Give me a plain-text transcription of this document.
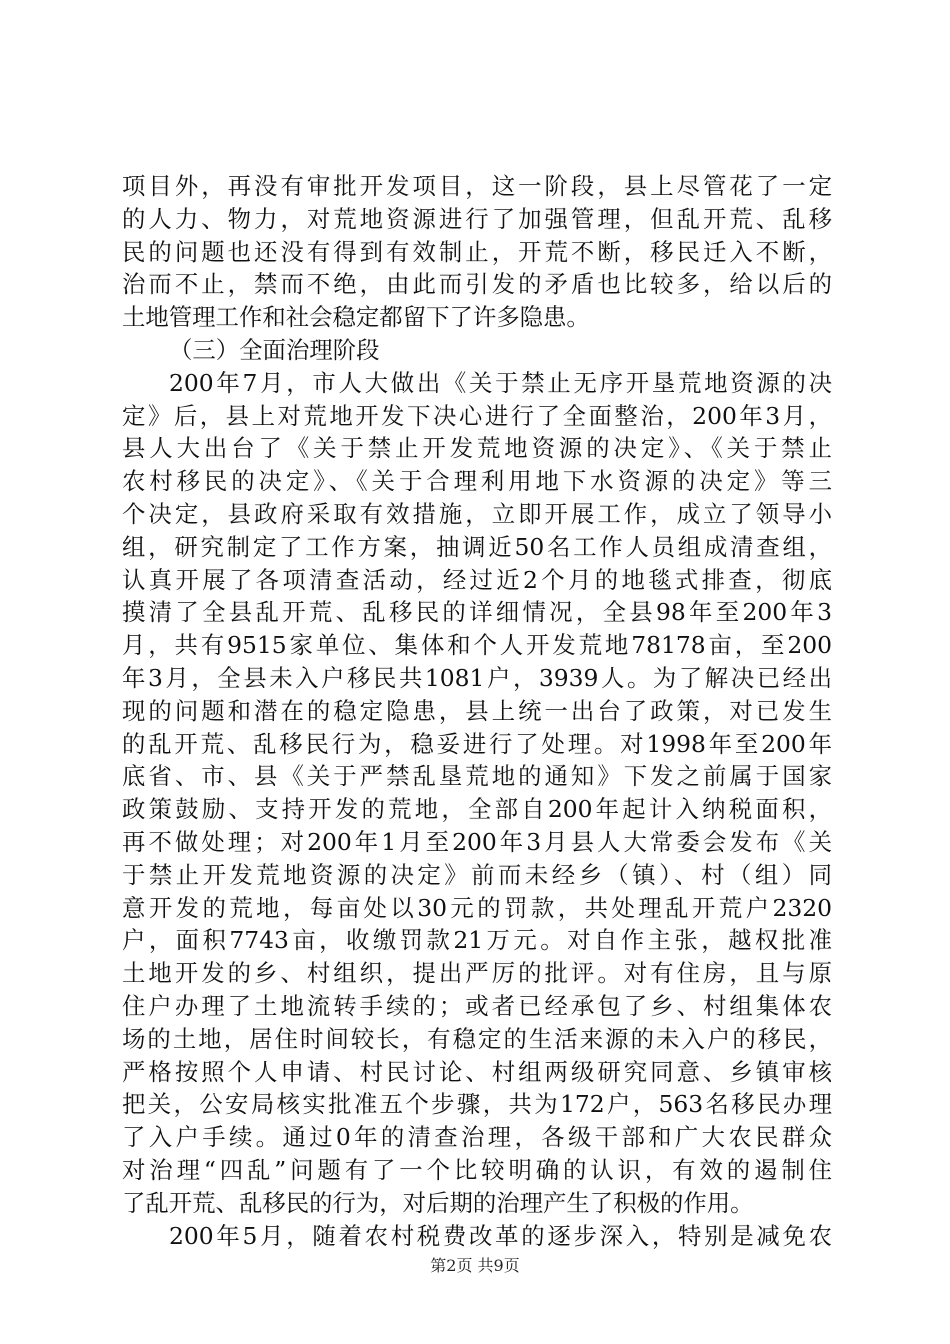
项目外，再没有审批开发项目，这一阶段，县上尽管花了一定
的人力、物力，对荒地资源进行了加强管理，但乱开荒、乱移
民的问题也还没有得到有效制止，开荒不断，移民迁入不断，
治而不止，禁而不绝，由此而引发的矛盾也比较多，给以后的
土地管理工作和社会稳定都留下了许多隐患。
（三）全面治理阶段
200年7月，市人大做出《关于禁止无序开垦荒地资源的决
定》后，县上对荒地开发下决心进行了全面整治，200年3月，
县人大出台了《关于禁止开发荒地资源的决定》、《关于禁止
农村移民的决定》、《关于合理利用地下水资源的决定》等三
个决定，县政府采取有效措施，立即开展工作，成立了领导小
组，研究制定了工作方案，抽调近50名工作人员组成清查组，
认真开展了各项清查活动，经过近2个月的地毯式排查，彻底
摸清了全县乱开荒、乱移民的详细情况，全县98年至200年3
月，共有9515家单位、集体和个人开发荒地78178亩，至200
年3月，全县未入户移民共1081户，3939人。为了解决已经出
现的问题和潜在的稳定隐患，县上统一出台了政策，对已发生
的乱开荒、乱移民行为，稳妥进行了处理。对1998年至200年
底省、市、县《关于严禁乱垦荒地的通知》下发之前属于国家
政策鼓励、支持开发的荒地，全部自200年起计入纳税面积，
再不做处理；对200年1月至200年3月县人大常委会发布《关
于禁止开发荒地资源的决定》前而未经乡（镇）、村（组）同
意开发的荒地，每亩处以30元的罚款，共处理乱开荒户2320
户，面积7743亩，收缴罚款21万元。对自作主张，越权批准
土地开发的乡、村组织，提出严厉的批评。对有住房，且与原
住户办理了土地流转手续的；或者已经承包了乡、村组集体农
场的土地，居住时间较长，有稳定的生活来源的未入户的移民，
严格按照个人申请、村民讨论、村组两级研究同意、乡镇审核
把关，公安局核实批准五个步骤，共为172户，563名移民办理
了入户手续。通过0年的清查治理，各级干部和广大农民群众
对治理“四乱”问题有了一个比较明确的认识，有效的遏制住
了乱开荒、乱移民的行为，对后期的治理产生了积极的作用。
200年5月，随着农村税费改革的逐步深入，特别是减免农
第2页 共9页
